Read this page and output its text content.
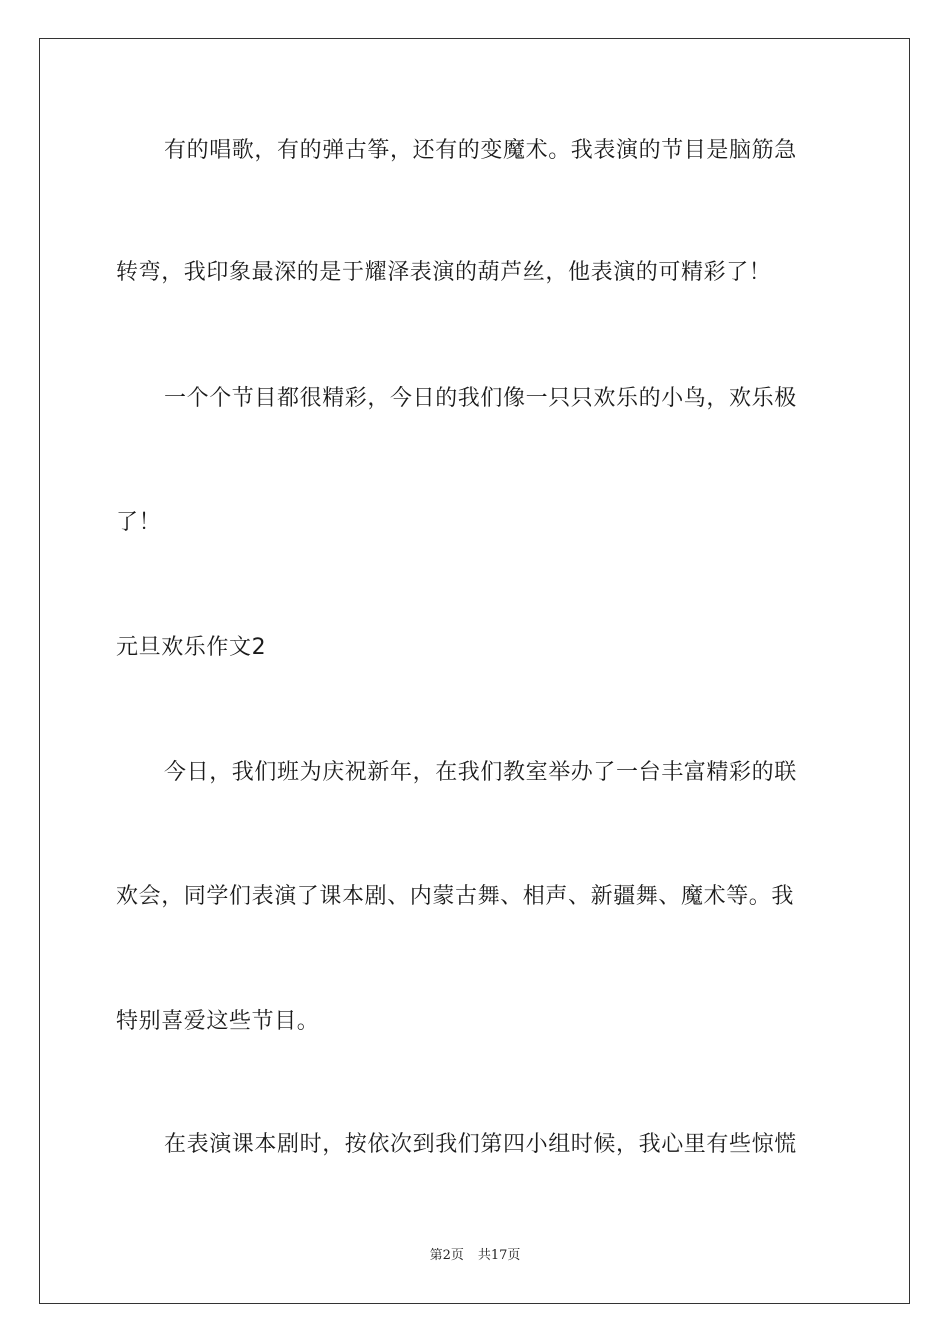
有的唱歌，有的弹古筝，还有的变魔术。我表演的节目是脑筋急
转弯，我印象最深的是于耀泽表演的葫芦丝，他表演的可精彩了！
一个个节目都很精彩，今日的我们像一只只欢乐的小鸟，欢乐极
了！
元旦欢乐作文2
今日，我们班为庆祝新年，在我们教室举办了一台丰富精彩的联
欢会，同学们表演了课本剧、内蒙古舞、相声、新疆舞、魔术等。我
特别喜爱这些节目。
在表演课本剧时，按依次到我们第四小组时候，我心里有些惊慌
第2页 共17页
